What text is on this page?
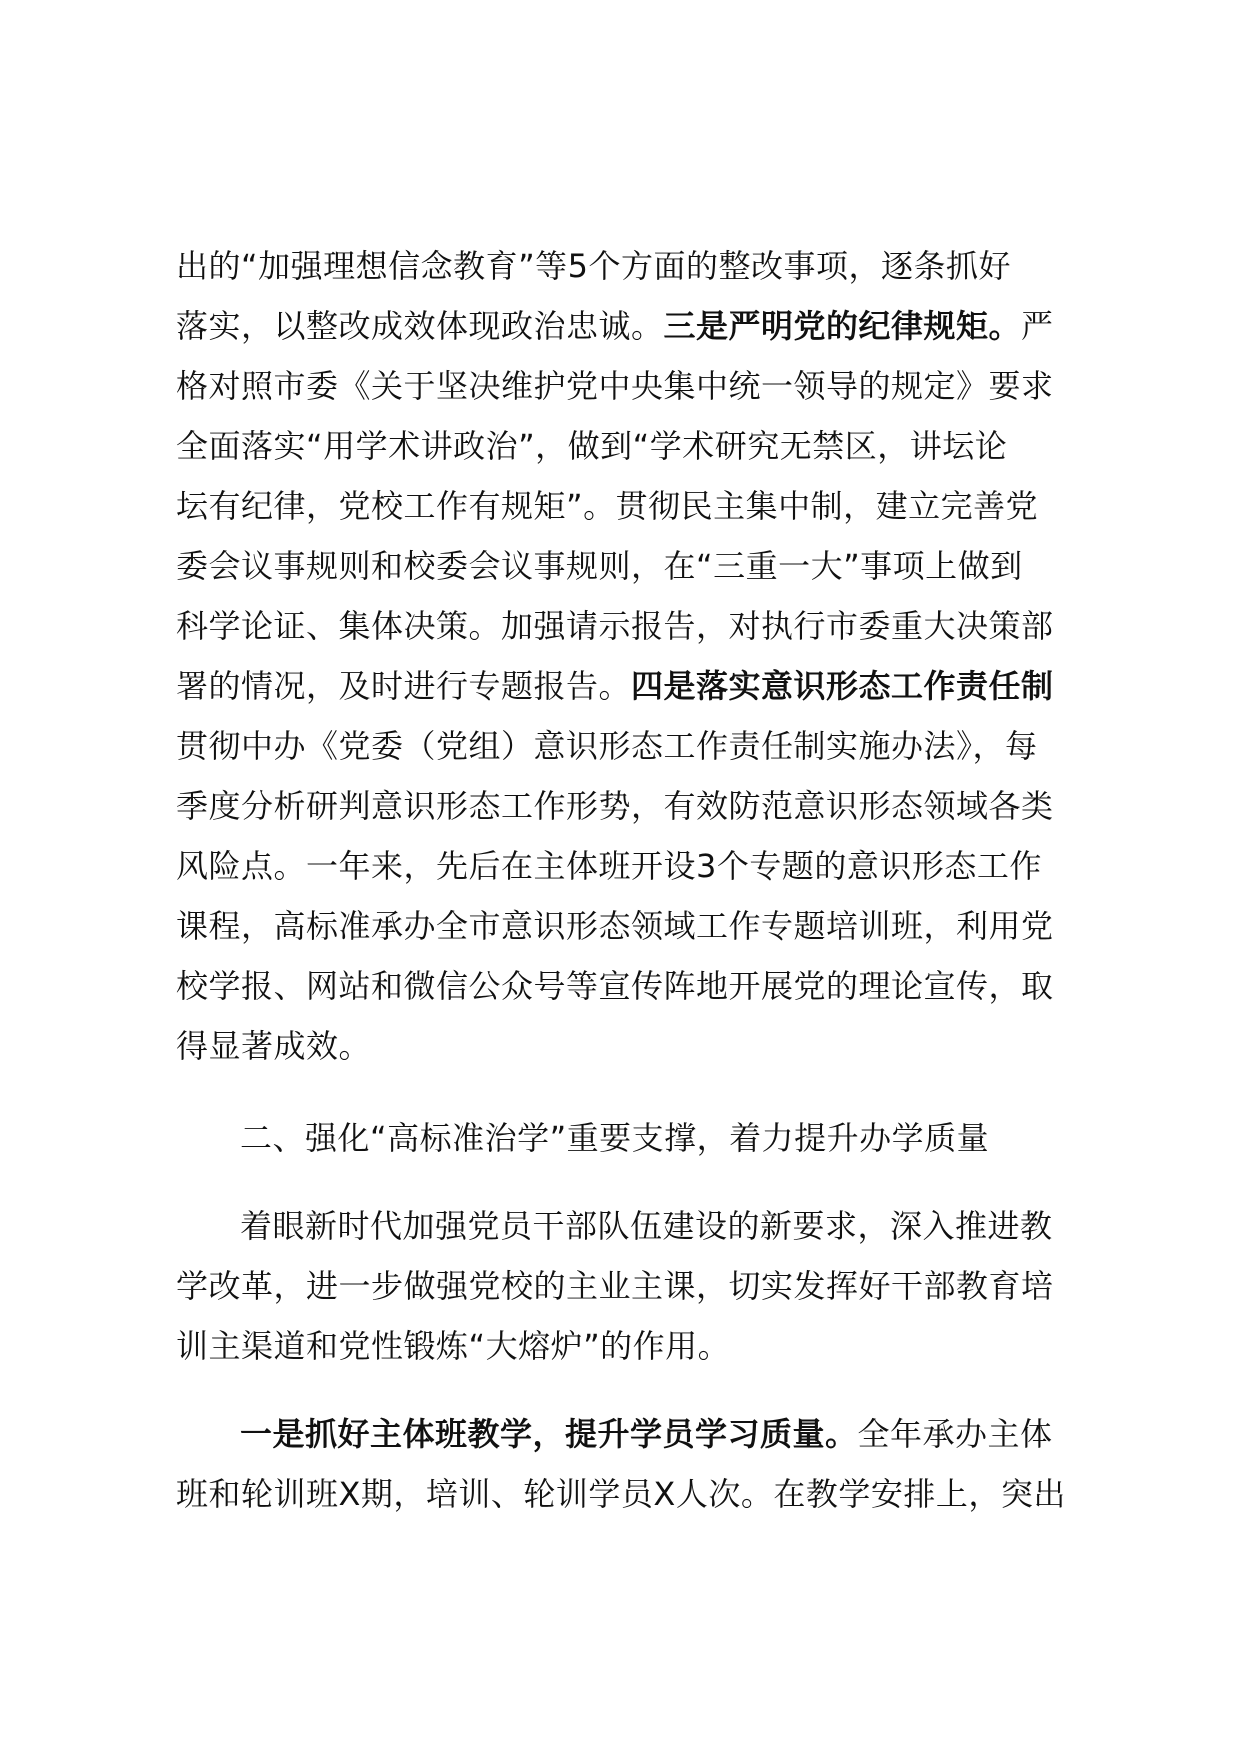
出的“加强理想信念教育”等5个方面的整改事项，逐条抓好
落实，以整改成效体现政治忠诚。三是严明党的纪律规矩。严
格对照市委《关于坚决维护党中央集中统一领导的规定》要求
全面落实“用学术讲政治”，做到“学术研究无禁区，讲坛论
坛有纪律，党校工作有规矩”。贯彻民主集中制，建立完善党
委会议事规则和校委会议事规则，在“三重一大”事项上做到
科学论证、集体决策。加强请示报告，对执行市委重大决策部
署的情况，及时进行专题报告。四是落实意识形态工作责任制
贯彻中办《党委（党组）意识形态工作责任制实施办法》，每
季度分析研判意识形态工作形势，有效防范意识形态领域各类
风险点。一年来，先后在主体班开设3个专题的意识形态工作
课程，高标准承办全市意识形态领域工作专题培训班，利用党
校学报、网站和微信公众号等宣传阵地开展党的理论宣传，取
得显著成效。
二、强化“高标准治学”重要支撑，着力提升办学质量
着眼新时代加强党员干部队伍建设的新要求，深入推进教
学改革，进一步做强党校的主业主课，切实发挥好干部教育培
训主渠道和党性锻炼“大熔炉”的作用。
一是抓好主体班教学，提升学员学习质量。全年承办主体
班和轮训班X期，培训、轮训学员X人次。在教学安排上，突出
